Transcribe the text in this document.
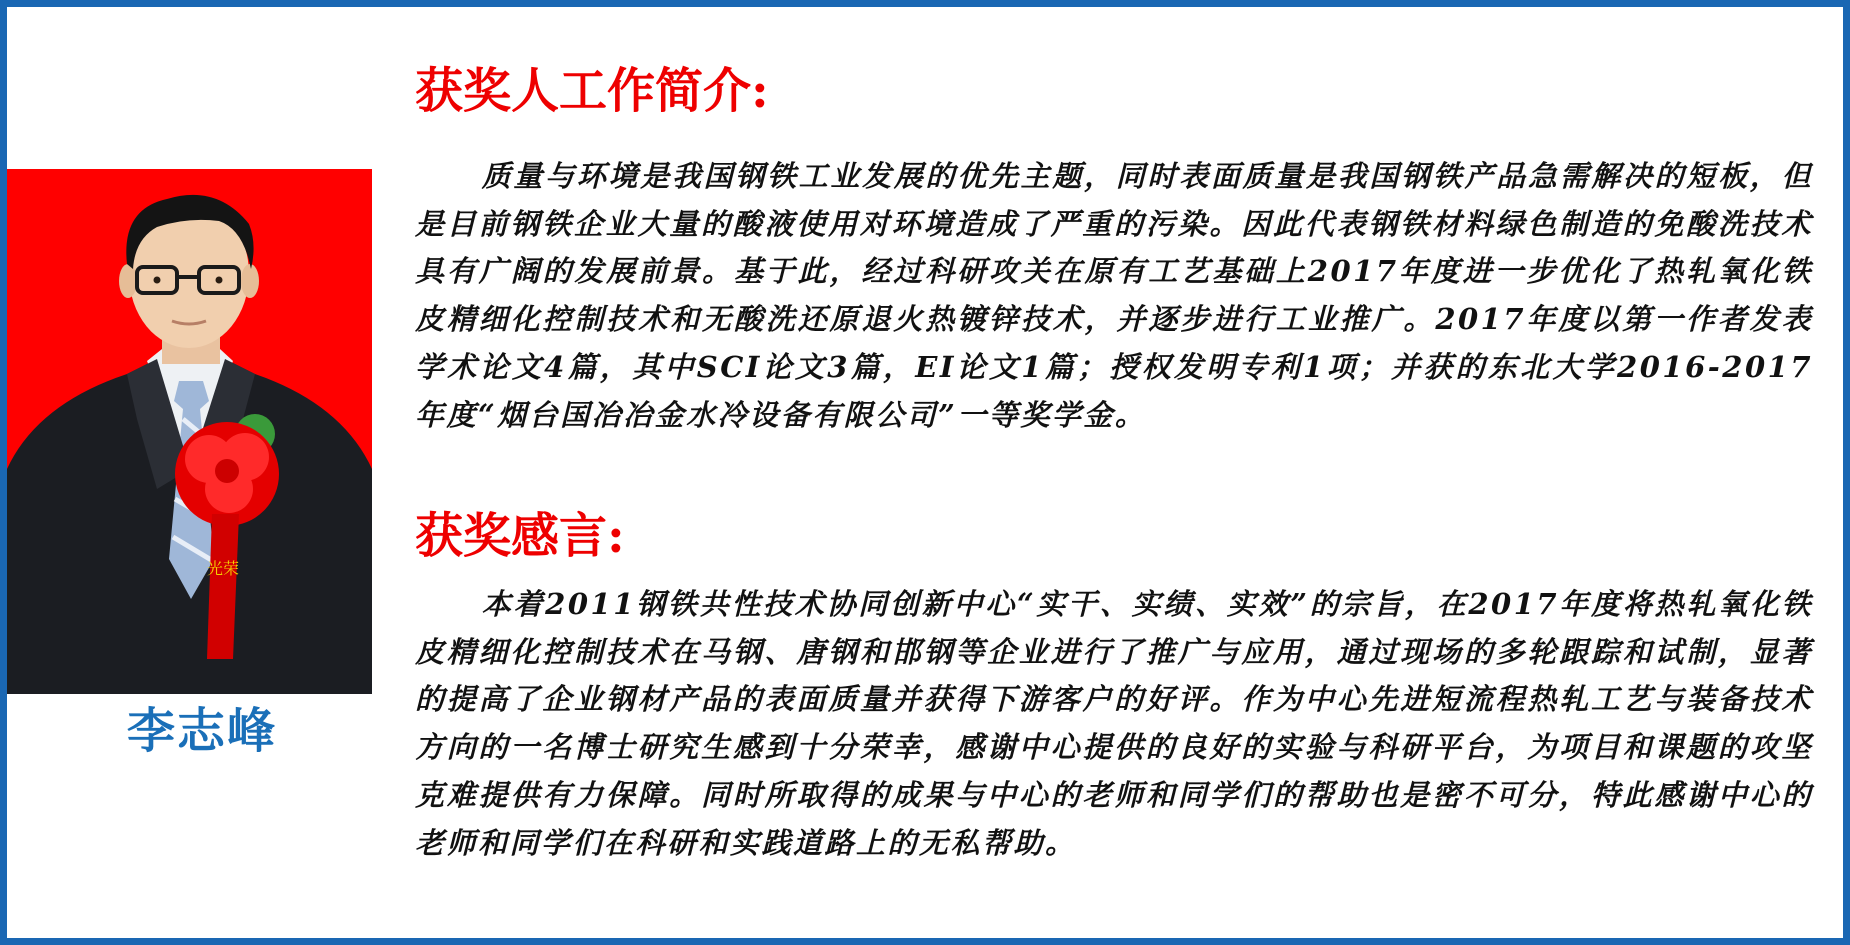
光荣
李志峰
获奖人工作简介:
质量与环境是我国钢铁工业发展的优先主题，同时表面质量是我国钢铁产品急需解决的短板，但是目前钢铁企业大量的酸液使用对环境造成了严重的污染。因此代表钢铁材料绿色制造的免酸洗技术具有广阔的发展前景。基于此，经过科研攻关在原有工艺基础上2017年度进一步优化了热轧氧化铁皮精细化控制技术和无酸洗还原退火热镀锌技术，并逐步进行工业推广。2017年度以第一作者发表学术论文4篇，其中SCI论文3篇，EI论文1篇；授权发明专利1项；并获的东北大学2016-2017年度“烟台国冶冶金水冷设备有限公司”一等奖学金。
获奖感言:
本着2011钢铁共性技术协同创新中心“实干、实绩、实效”的宗旨，在2017年度将热轧氧化铁皮精细化控制技术在马钢、唐钢和邯钢等企业进行了推广与应用，通过现场的多轮跟踪和试制，显著的提高了企业钢材产品的表面质量并获得下游客户的好评。作为中心先进短流程热轧工艺与装备技术方向的一名博士研究生感到十分荣幸，感谢中心提供的良好的实验与科研平台，为项目和课题的攻坚克难提供有力保障。同时所取得的成果与中心的老师和同学们的帮助也是密不可分，特此感谢中心的老师和同学们在科研和实践道路上的无私帮助。
